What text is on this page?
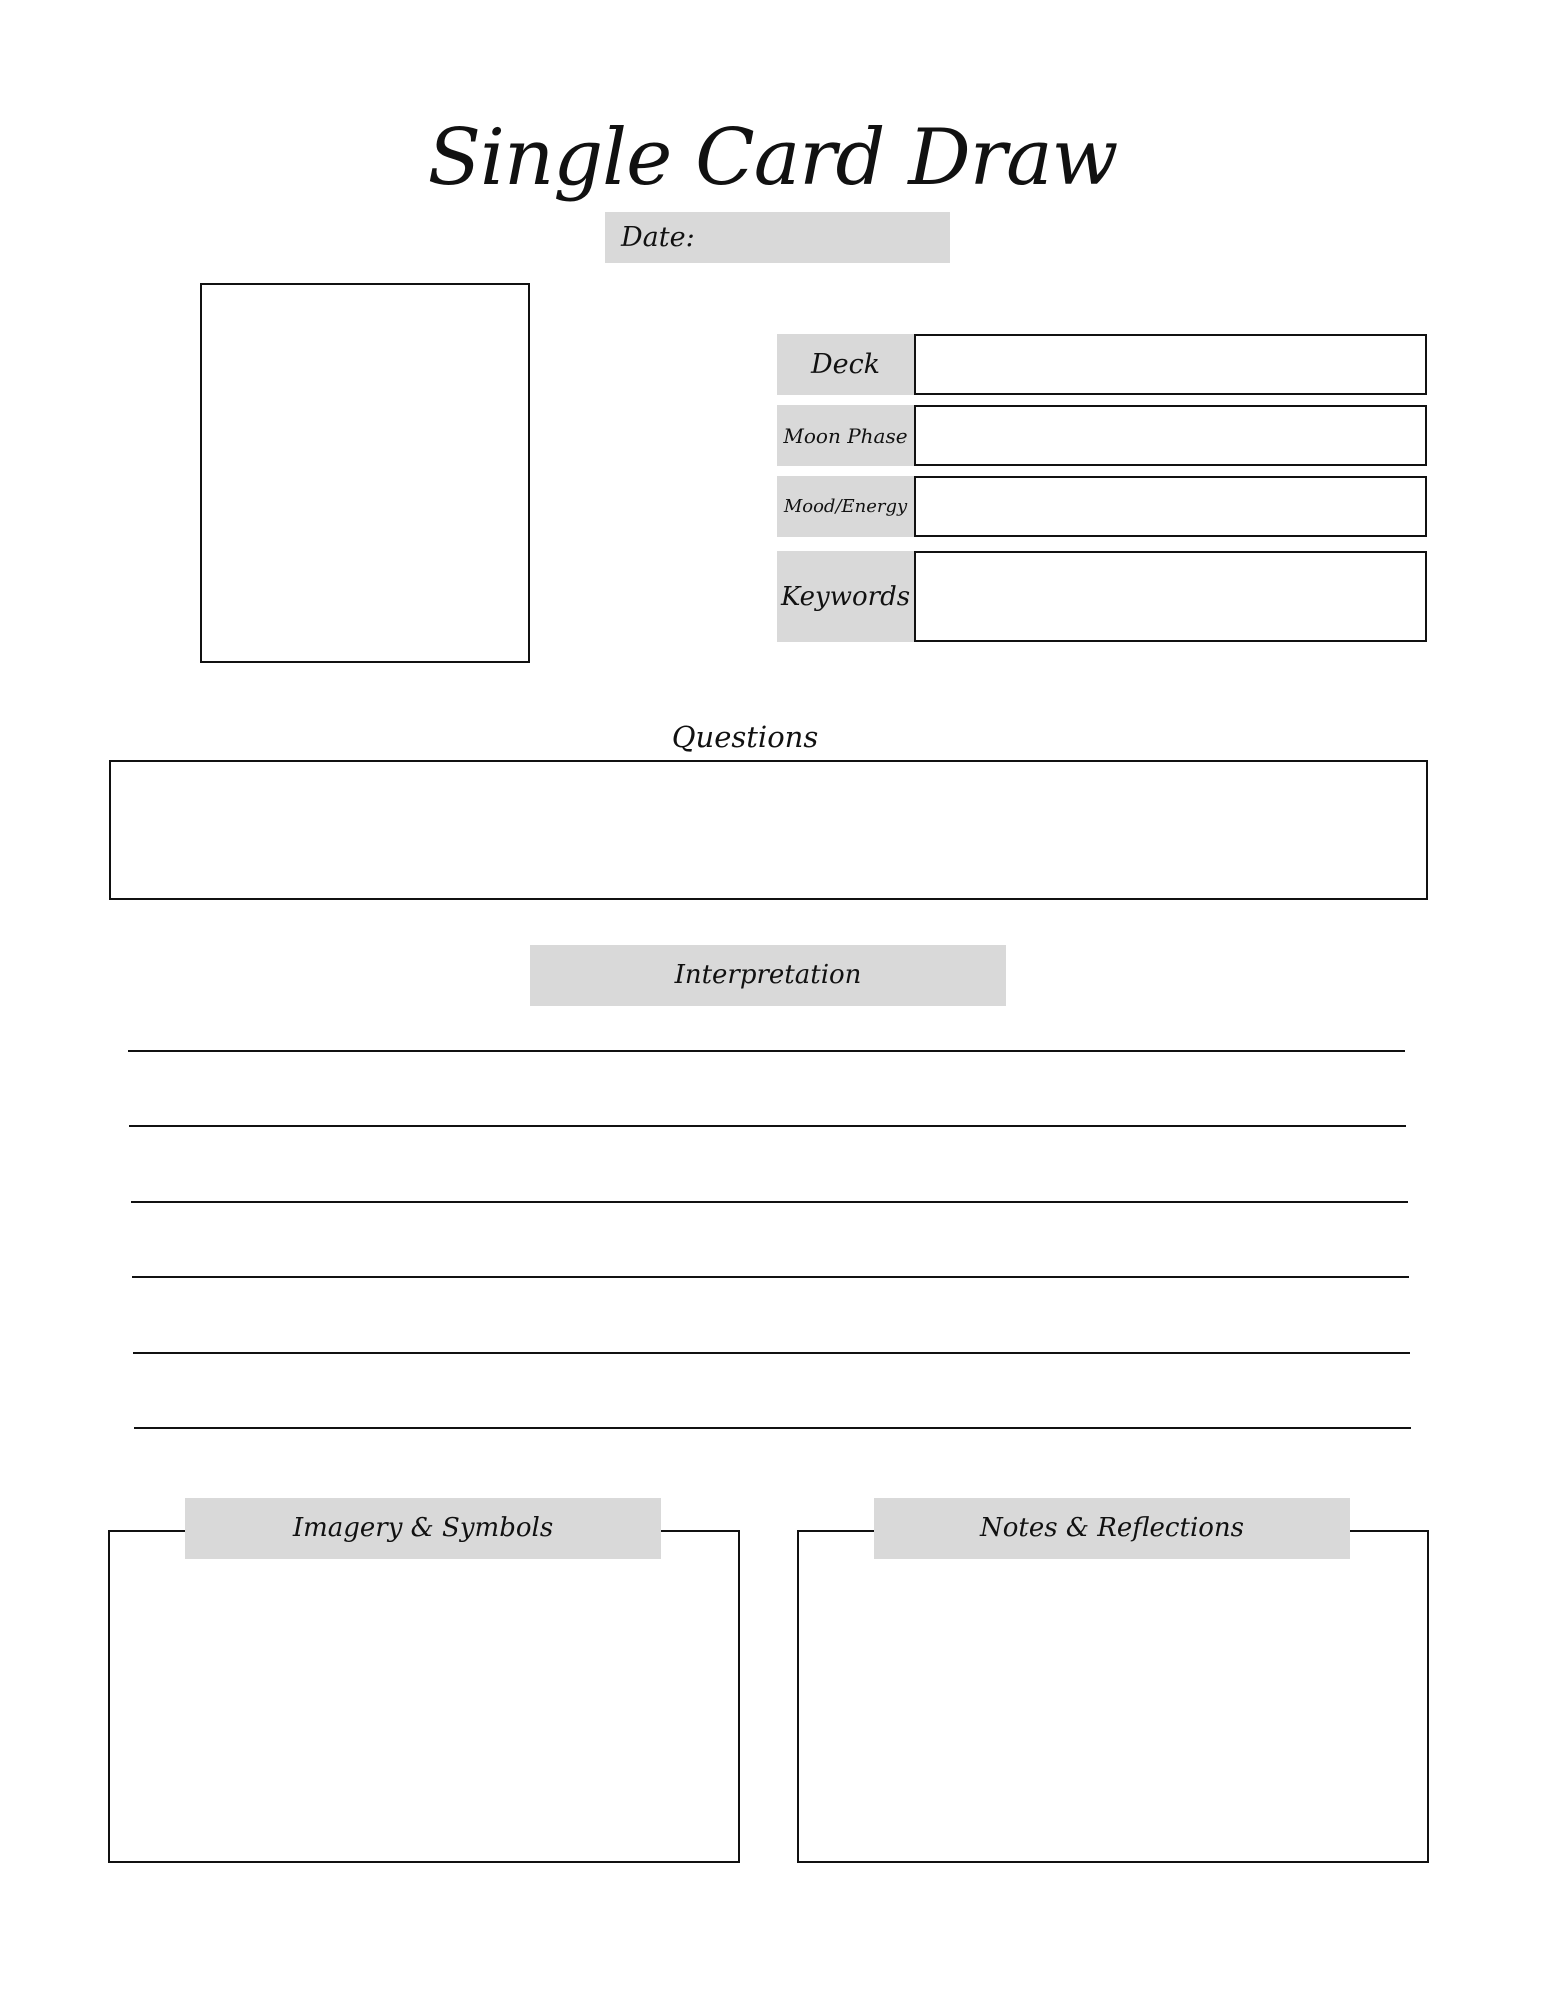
Single Card Draw
Date:
Deck
Moon Phase
Mood/Energy
Keywords
Questions
Interpretation
Imagery & Symbols	Notes & Reflections
